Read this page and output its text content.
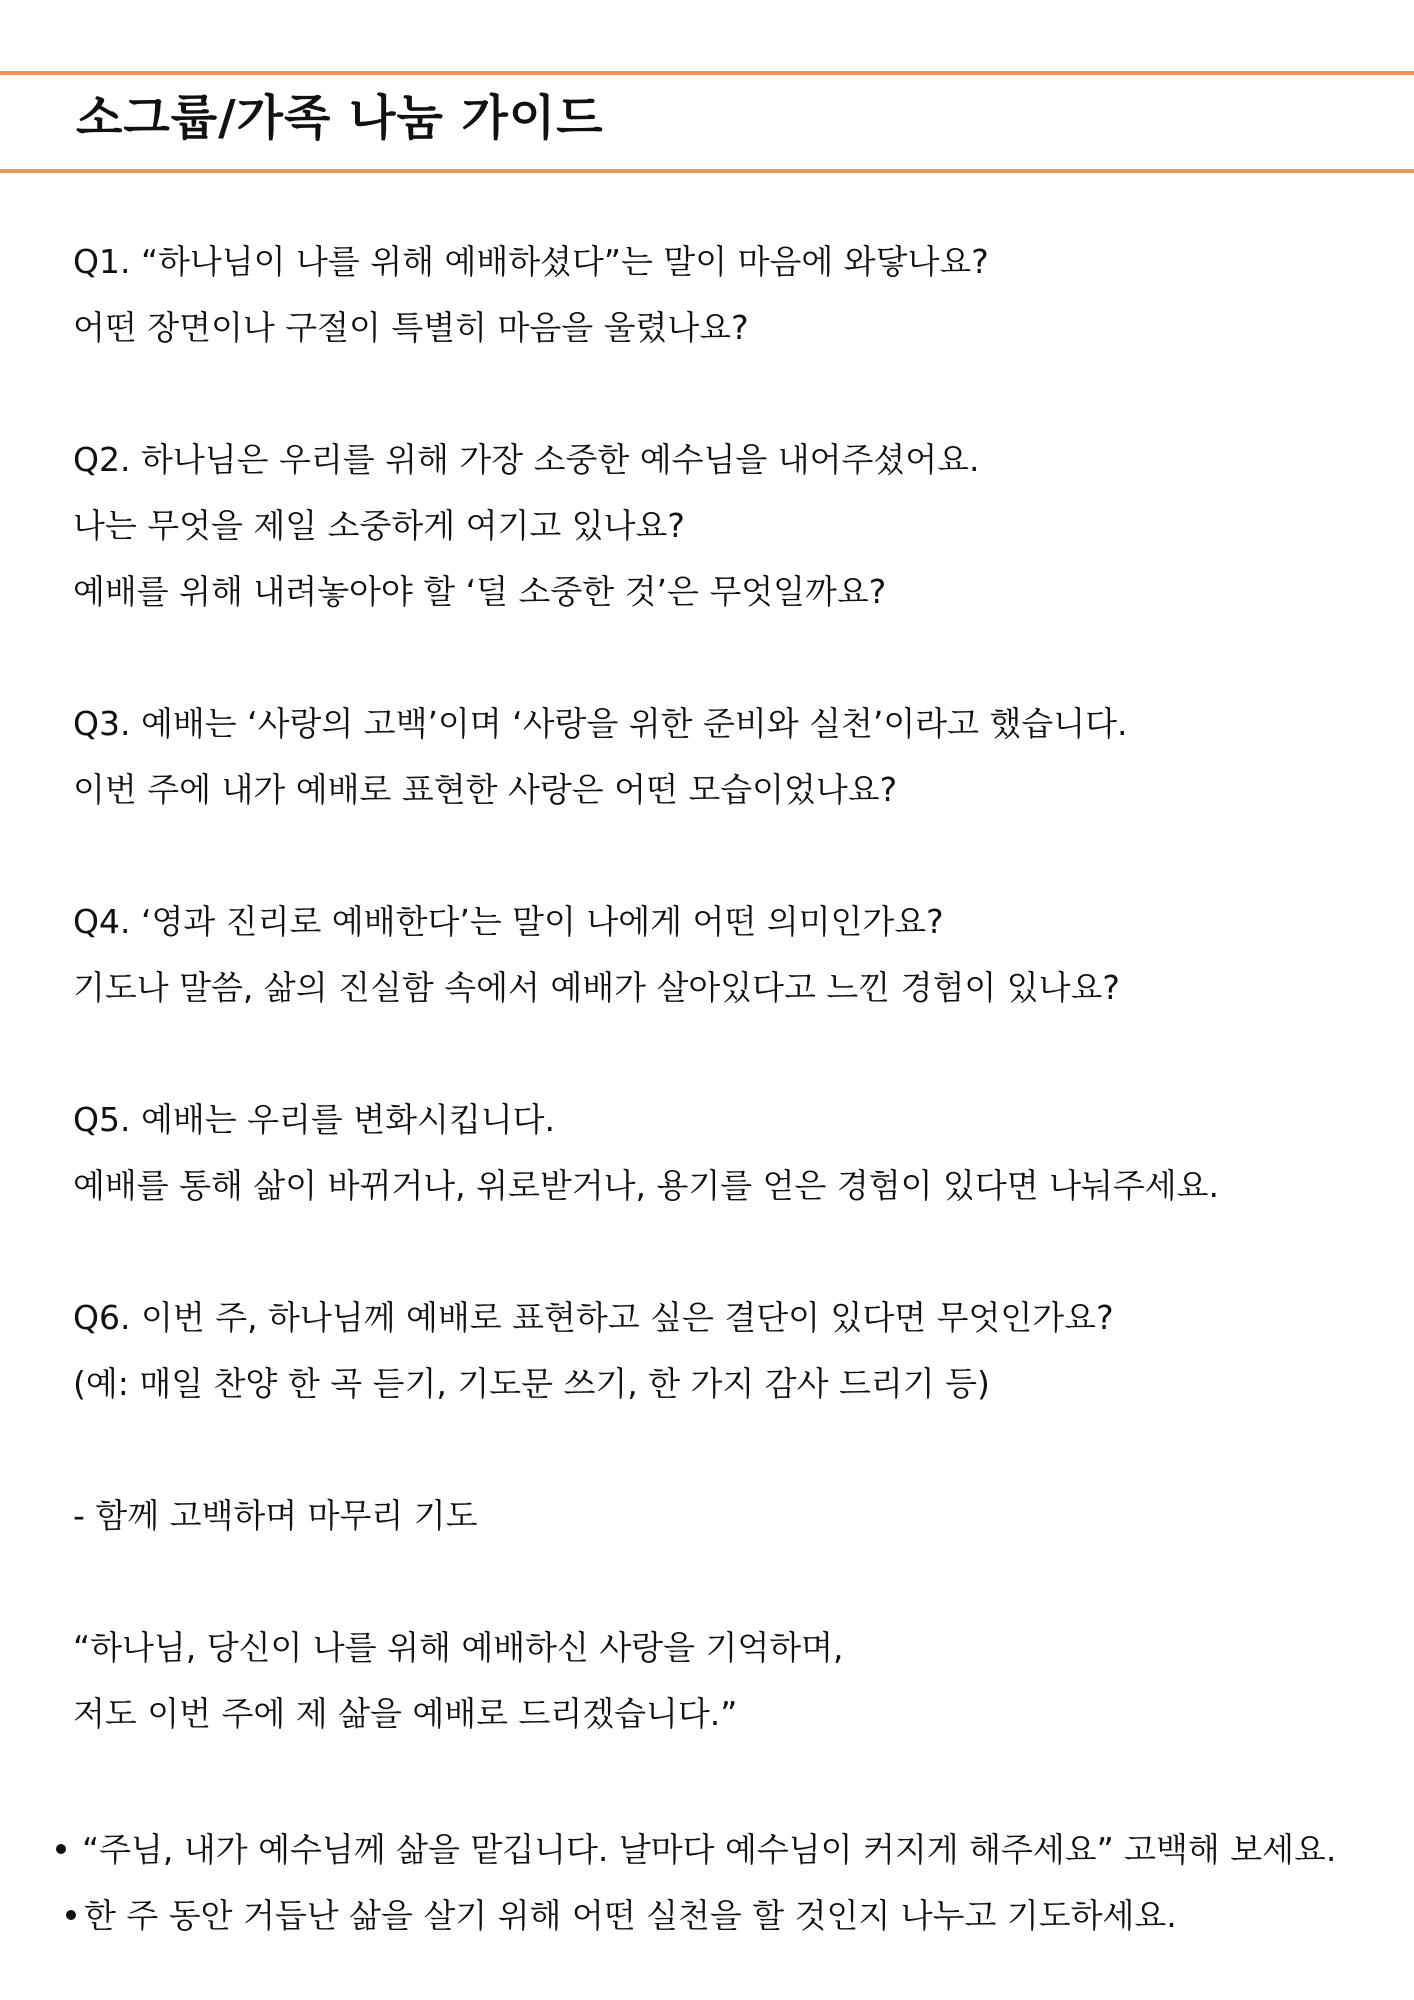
소그룹/가족 나눔 가이드

Q1. “하나님이 나를 위해 예배하셨다”는 말이 마음에 와닿나요?

어떤 장면이나 구절이 특별히 마음을 울렸나요?

Q2. 하나님은 우리를 위해 가장 소중한 예수님을 내어주셨어요.

나는 무엇을 제일 소중하게 여기고 있나요?

예배를 위해 내려놓아야 할 ‘덜 소중한 것’은 무엇일까요?

Q3. 예배는 ‘사랑의 고백’이며 ‘사랑을 위한 준비와 실천’이라고 했습니다.

이번 주에 내가 예배로 표현한 사랑은 어떤 모습이었나요?

Q4. ‘영과 진리로 예배한다’는 말이 나에게 어떤 의미인가요?

기도나 말씀, 삶의 진실함 속에서 예배가 살아있다고 느낀 경험이 있나요?

Q5. 예배는 우리를 변화시킵니다.

예배를 통해 삶이 바뀌거나, 위로받거나, 용기를 얻은 경험이 있다면 나눠주세요.

Q6. 이번 주, 하나님께 예배로 표현하고 싶은 결단이 있다면 무엇인가요?

(예: 매일 찬양 한 곡 듣기, 기도문 쓰기, 한 가지 감사 드리기 등)

- 함께 고백하며 마무리 기도

“하나님, 당신이 나를 위해 예배하신 사랑을 기억하며,

저도 이번 주에 제 삶을 예배로 드리겠습니다.”

“주님, 내가 예수님께 삶을 맡깁니다. 날마다 예수님이 커지게 해주세요” 고백해 보세요.

한 주 동안 거듭난 삶을 살기 위해 어떤 실천을 할 것인지 나누고 기도하세요.
